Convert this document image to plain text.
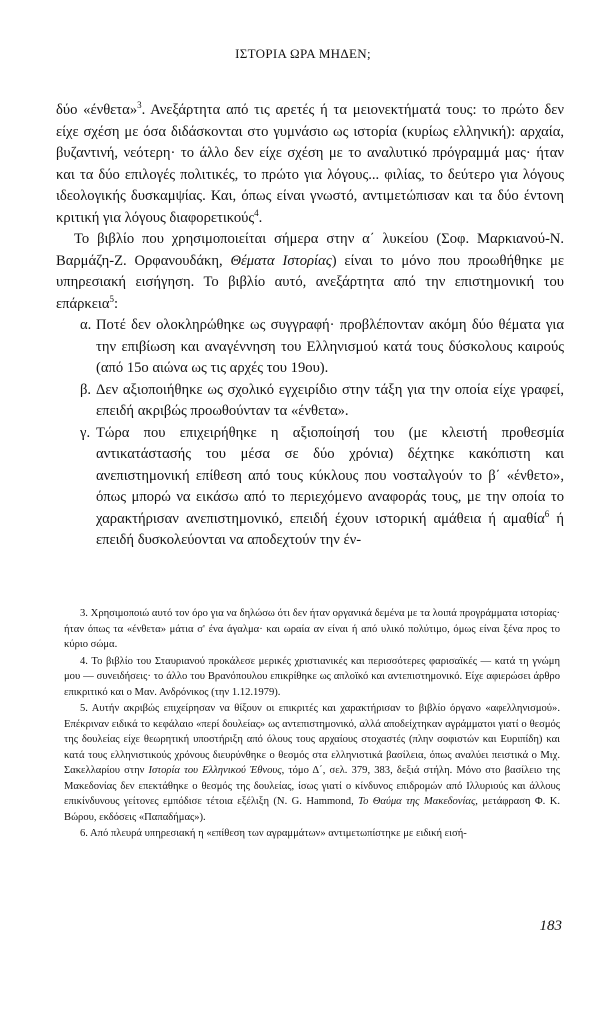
ΙΣΤΟΡΙΑ ΩΡΑ ΜΗΔΕΝ;

δύο «ένθετα»$^3$. Ανεξάρτητα από τις αρετές ή τα μειονεκτήματά τους: το πρώτο δεν είχε σχέση με όσα διδάσκονται στο γυμνάσιο ως ιστορία (κυρίως ελληνική): αρχαία, βυζαντινή, νεότερη· το άλλο δεν είχε σχέση με το αναλυτικό πρόγραμμά μας· ήταν και τα δύο επιλογές πολιτικές, το πρώτο για λόγους... φιλίας, το δεύτερο για λόγους ιδεολογικής δυσκαμψίας. Και, όπως είναι γνωστό, αντιμετώπισαν και τα δύο έντονη κριτική για λόγους διαφορετικούς$^4$.

Το βιβλίο που χρησιμοποιείται σήμερα στην α΄ λυκείου (Σοφ. Μαρκιανού-Ν. Βαρμάζη-Ζ. Ορφανουδάκη, Θέματα Ιστορίας) είναι το μόνο που προωθήθηκε με υπηρεσιακή εισήγηση. Το βιβλίο αυτό, ανεξάρτητα από την επιστημονική του επάρκεια$^5$:

α. Ποτέ δεν ολοκληρώθηκε ως συγγραφή· προβλέπονταν ακόμη δύο θέματα για την επιβίωση και αναγέννηση του Ελληνισμού κατά τους δύσκολους καιρούς (από 15ο αιώνα ως τις αρχές του 19ου).
β. Δεν αξιοποιήθηκε ως σχολικό εγχειρίδιο στην τάξη για την οποία είχε γραφεί, επειδή ακριβώς προωθούνταν τα «ένθετα».
γ. Τώρα που επιχειρήθηκε η αξιοποίησή του (με κλειστή προθεσμία αντικατάστασής του μέσα σε δύο χρόνια) δέχτηκε κακόπιστη και ανεπιστημονική επίθεση από τους κύκλους που νοσταλγούν το β΄ «ένθετο», όπως μπορώ να εικάσω από το περιεχόμενο αναφοράς τους, με την οποία το χαρακτήρισαν ανεπιστημονικό, επειδή έχουν ιστορική αμάθεια ή αμαθία$^6$ ή επειδή δυσκολεύονται να αποδεχτούν την έν-

3. Χρησιμοποιώ αυτό τον όρο για να δηλώσω ότι δεν ήταν οργανικά δεμένα με τα λοιπά προγράμματα ιστορίας· ήταν όπως τα «ένθετα» μάτια σ' ένα άγαλμα· και ωραία αν είναι ή από υλικό πολύτιμο, όμως είναι ξένα προς το κύριο σώμα.

4. Το βιβλίο του Σταυριανού προκάλεσε μερικές χριστιανικές και περισσότερες φαρισαϊκές — κατά τη γνώμη μου — συνειδήσεις· το άλλο του Βρανόπουλου επικρίθηκε ως απλοϊκό και αντεπιστημονικό. Είχε αφιερώσει άρθρο επικριτικό και ο Μαν. Ανδρόνικος (την 1.12.1979).

5. Αυτήν ακριβώς επιχείρησαν να θίξουν οι επικριτές και χαρακτήρισαν το βιβλίο όργανο «αφελληνισμού». Επέκριναν ειδικά το κεφάλαιο «περί δουλείας» ως αντεπιστημονικό, αλλά αποδείχτηκαν αγράμματοι γιατί ο θεσμός της δουλείας είχε θεωρητική υποστήριξη από όλους τους αρχαίους στοχαστές (πλην σοφιστών και Ευριπίδη) και κατά τους ελληνιστικούς χρόνους διευρύνθηκε ο θεσμός στα ελληνιστικά βασίλεια, όπως αναλύει πειστικά ο Μιχ. Σακελλαρίου στην Ιστορία του Ελληνικού Έθνους, τόμο Δ΄, σελ. 379, 383, δεξιά στήλη. Μόνο στο βασίλειο της Μακεδονίας δεν επεκτάθηκε ο θεσμός της δουλείας, ίσως γιατί ο κίνδυνος επιδρομών από Ιλλυριούς και άλλους επικίνδυνους γείτονες εμπόδισε τέτοια εξέλιξη (N. G. Hammond, Το Θαύμα της Μακεδονίας, μετάφραση Φ. Κ. Βώρου, εκδόσεις «Παπαδήμας»).

6. Από πλευρά υπηρεσιακή η «επίθεση των αγραμμάτων» αντιμετωπίστηκε με ειδική εισή-

183
